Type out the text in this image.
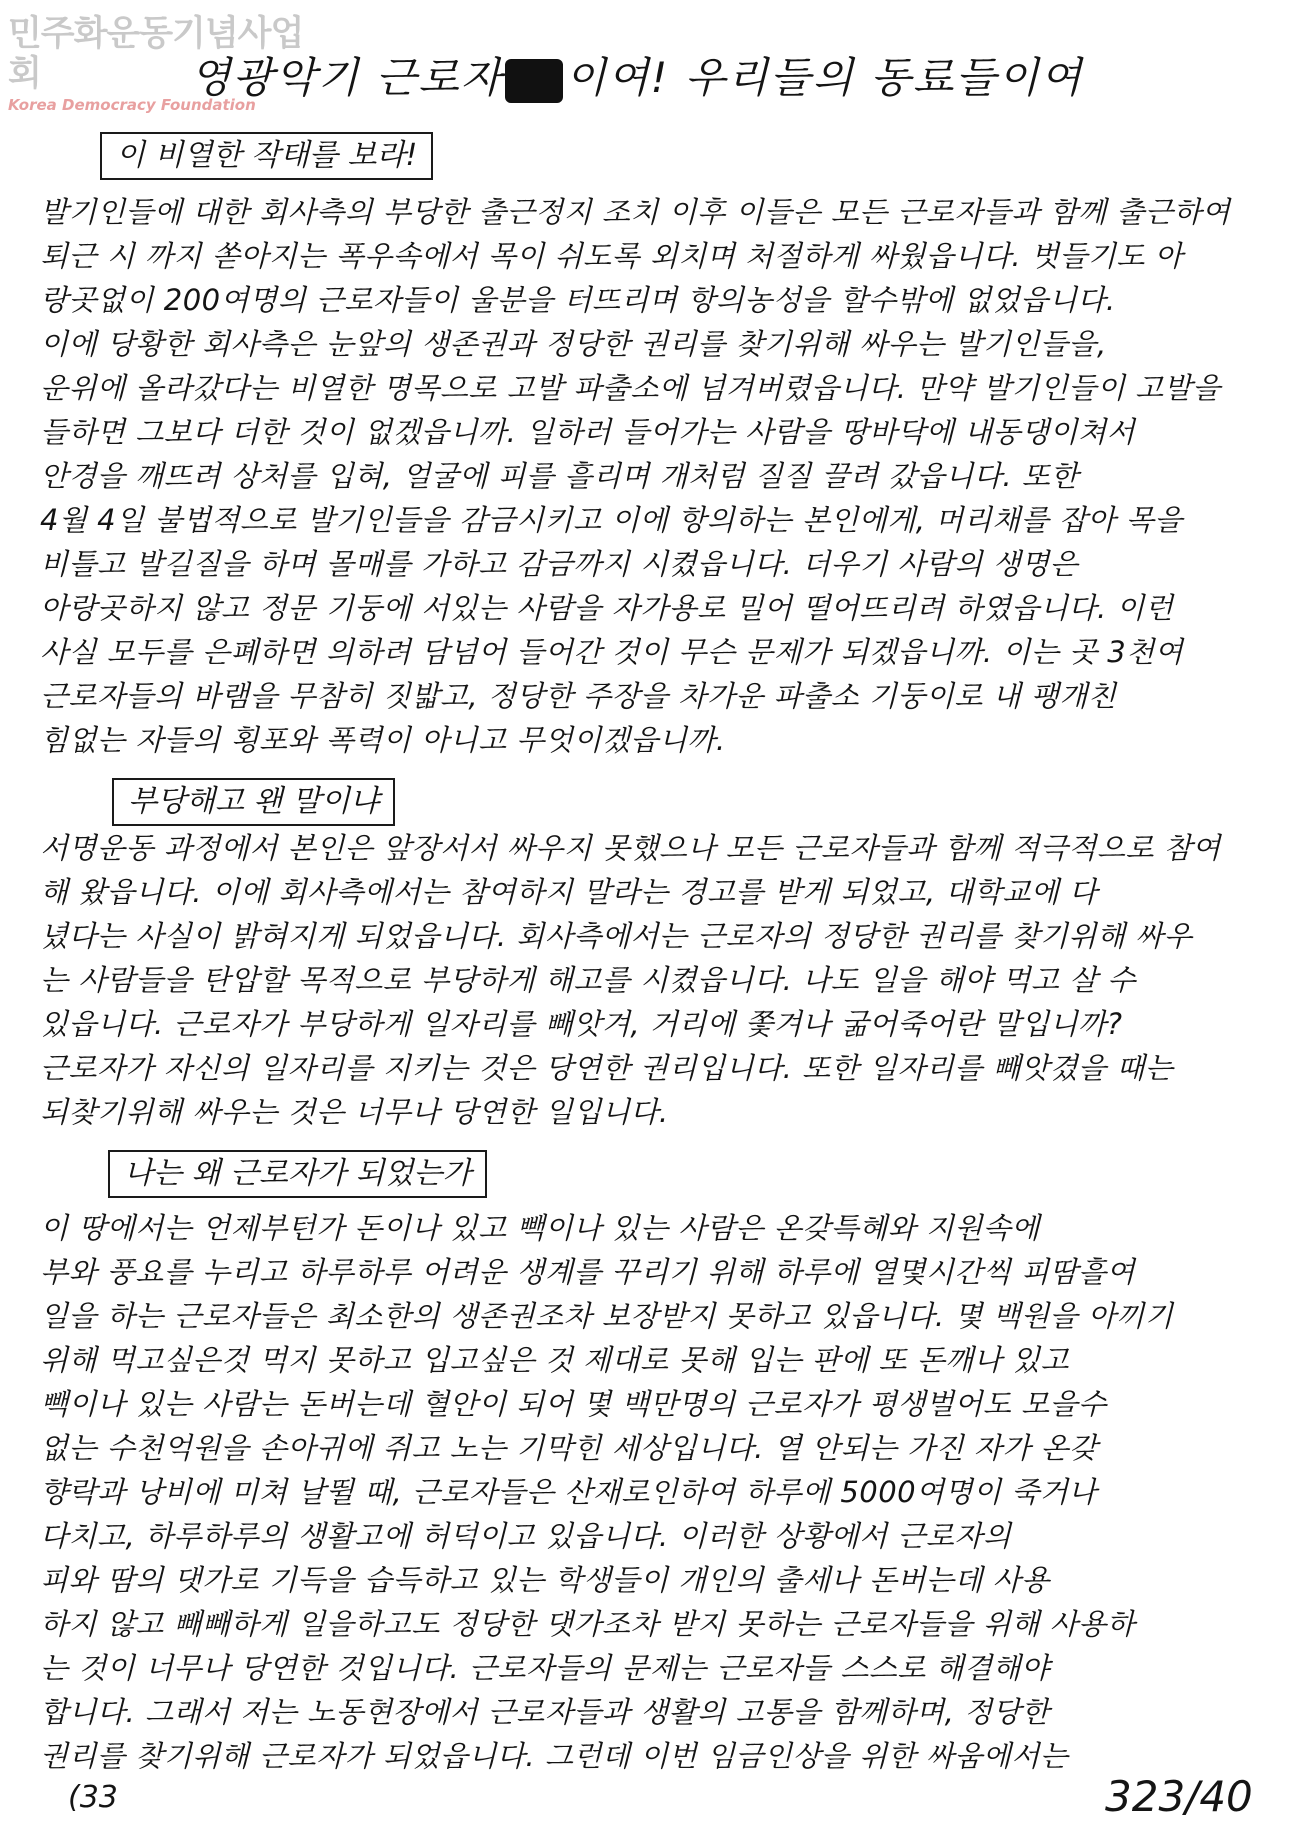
민주화운동기념사업회
Korea Democracy Foundation
영광악기 근로자 이여! 우리들의 동료들이여
이 비열한 작태를 보라!
발기인들에 대한 회사측의 부당한 출근정지 조치 이후 이들은 모든 근로자들과 함께 출근하여
퇴근 시 까지 쏟아지는 폭우속에서 목이 쉬도록 외치며 처절하게 싸웠읍니다. 벗들기도 아
랑곳없이 200여명의 근로자들이 울분을 터뜨리며 항의농성을 할수밖에 없었읍니다.
이에 당황한 회사측은 눈앞의 생존권과 정당한 권리를 찾기위해 싸우는 발기인들을,
운위에 올라갔다는 비열한 명목으로 고발 파출소에 넘겨버렸읍니다. 만약 발기인들이 고발을
들하면 그보다 더한 것이 없겠읍니까. 일하러 들어가는 사람을 땅바닥에 내동댕이쳐서
안경을 깨뜨려 상처를 입혀, 얼굴에 피를 흘리며 개처럼 질질 끌려 갔읍니다. 또한
4월 4일 불법적으로 발기인들을 감금시키고 이에 항의하는 본인에게, 머리채를 잡아 목을
비틀고 발길질을 하며 몰매를 가하고 감금까지 시켰읍니다. 더우기 사람의 생명은
아랑곳하지 않고 정문 기둥에 서있는 사람을 자가용로 밀어 떨어뜨리려 하였읍니다. 이런
사실 모두를 은폐하면 의하려 담넘어 들어간 것이 무슨 문제가 되겠읍니까. 이는 곳 3천여
근로자들의 바램을 무참히 짓밟고, 정당한 주장을 차가운 파출소 기둥이로 내 팽개친
힘없는 자들의 횡포와 폭력이 아니고 무엇이겠읍니까.
부당해고 왠 말이냐
서명운동 과정에서 본인은 앞장서서 싸우지 못했으나 모든 근로자들과 함께 적극적으로 참여
해 왔읍니다. 이에 회사측에서는 참여하지 말라는 경고를 받게 되었고, 대학교에 다
녔다는 사실이 밝혀지게 되었읍니다. 회사측에서는 근로자의 정당한 권리를 찾기위해 싸우
는 사람들을 탄압할 목적으로 부당하게 해고를 시켰읍니다. 나도 일을 해야 먹고 살 수
있읍니다. 근로자가 부당하게 일자리를 빼앗겨, 거리에 쫓겨나 굶어죽어란 말입니까?
근로자가 자신의 일자리를 지키는 것은 당연한 권리입니다. 또한 일자리를 빼앗겼을 때는
되찾기위해 싸우는 것은 너무나 당연한 일입니다.
나는 왜 근로자가 되었는가
이 땅에서는 언제부턴가 돈이나 있고 빽이나 있는 사람은 온갖특혜와 지원속에
부와 풍요를 누리고 하루하루 어려운 생계를 꾸리기 위해 하루에 열몇시간씩 피땀흘여
일을 하는 근로자들은 최소한의 생존권조차 보장받지 못하고 있읍니다. 몇 백원을 아끼기
위해 먹고싶은것 먹지 못하고 입고싶은 것 제대로 못해 입는 판에 또 돈깨나 있고
빽이나 있는 사람는 돈버는데 혈안이 되어 몇 백만명의 근로자가 평생벌어도 모을수
없는 수천억원을 손아귀에 쥐고 노는 기막힌 세상입니다. 열 안되는 가진 자가 온갖
향락과 낭비에 미쳐 날뛸 때, 근로자들은 산재로인하여 하루에 5000여명이 죽거나
다치고, 하루하루의 생활고에 허덕이고 있읍니다. 이러한 상황에서 근로자의
피와 땀의 댓가로 기득을 습득하고 있는 학생들이 개인의 출세나 돈버는데 사용
하지 않고 빼빼하게 일을하고도 정당한 댓가조차 받지 못하는 근로자들을 위해 사용하
는 것이 너무나 당연한 것입니다. 근로자들의 문제는 근로자들 스스로 해결해야
합니다. 그래서 저는 노동현장에서 근로자들과 생활의 고통을 함께하며, 정당한
권리를 찾기위해 근로자가 되었읍니다. 그런데 이번 임금인상을 위한 싸움에서는
(33	323/40
